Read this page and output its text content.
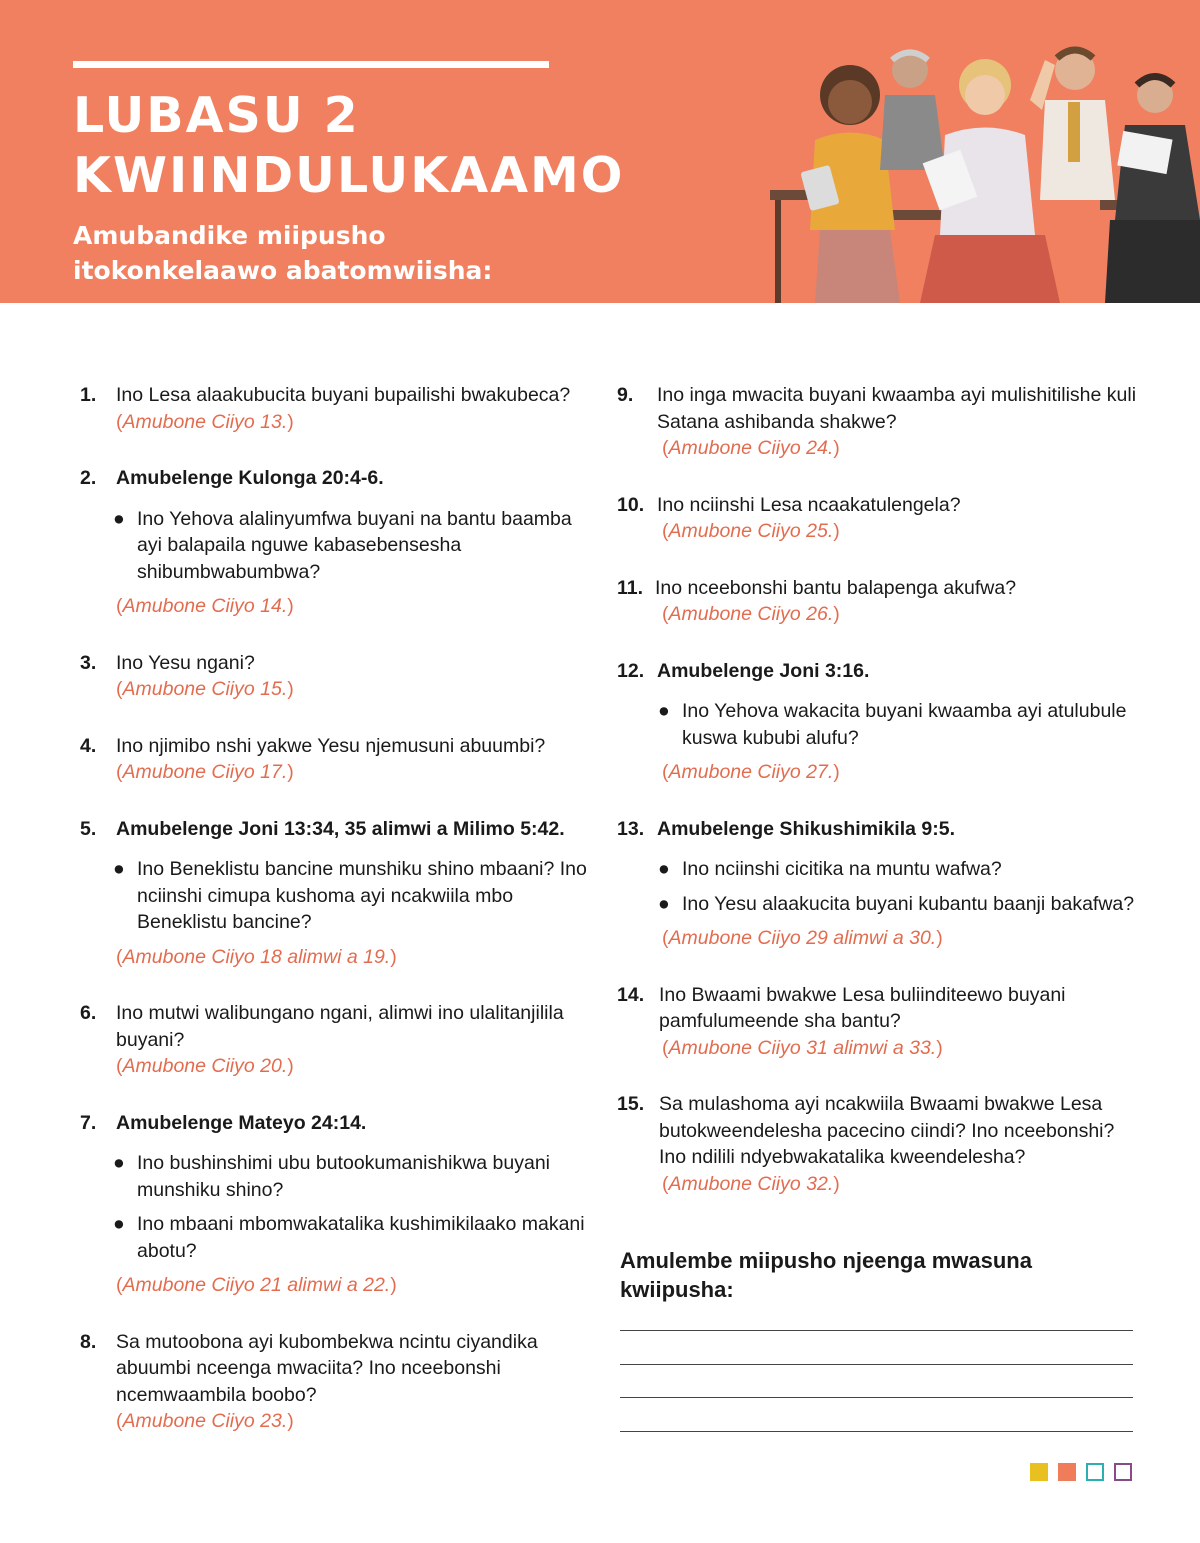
LUBASU 2
KWIINDULUKAAMO

Amubandike miipusho itokonkelaawo abatomwiisha:

1. Ino Lesa alaakubucita buyani bupailishi bwakubeca?
(Amubone Ciiyo 13.)
2. Amubelenge Kulonga 20:4-6.
● Ino Yehova alalinyumfwa buyani na bantu baamba ayi balapaila nguwe kabasebensesha shibumbwabumbwa?
(Amubone Ciiyo 14.)
3. Ino Yesu ngani?
(Amubone Ciiyo 15.)
4. Ino njimibo nshi yakwe Yesu njemusuni abuumbi?
(Amubone Ciiyo 17.)
5. Amubelenge Joni 13:34, 35 alimwi a Milimo 5:42.
● Ino Beneklistu bancine munshiku shino mbaani? Ino nciinshi cimupa kushoma ayi ncakwiila mbo Beneklistu bancine?
(Amubone Ciiyo 18 alimwi a 19.)
6. Ino mutwi walibungano ngani, alimwi ino ulalitanjilila buyani?
(Amubone Ciiyo 20.)
7. Amubelenge Mateyo 24:14.
● Ino bushinshimi ubu butookumanishikwa buyani munshiku shino?
● Ino mbaani mbomwakatalika kushimikilaako makani abotu?
(Amubone Ciiyo 21 alimwi a 22.)
8. Sa mutoobona ayi kubombekwa ncintu ciyandika abuumbi nceenga mwaciita? Ino nceebonshi ncemwaambila boobo?
(Amubone Ciiyo 23.)
9. Ino inga mwacita buyani kwaamba ayi mulishitilishe kuli Satana ashibanda shakwe?
(Amubone Ciiyo 24.)
10. Ino nciinshi Lesa ncaakatulengela?
(Amubone Ciiyo 25.)
11. Ino nceebonshi bantu balapenga akufwa?
(Amubone Ciiyo 26.)
12. Amubelenge Joni 3:16.
● Ino Yehova wakacita buyani kwaamba ayi atulubule kuswa kububi alufu?
(Amubone Ciiyo 27.)
13. Amubelenge Shikushimikila 9:5.
● Ino nciinshi cicitika na muntu wafwa?
● Ino Yesu alaakucita buyani kubantu baanji bakafwa?
(Amubone Ciiyo 29 alimwi a 30.)
14. Ino Bwaami bwakwe Lesa buliinditeewo buyani pamfulumeende sha bantu?
(Amubone Ciiyo 31 alimwi a 33.)
15. Sa mulashoma ayi ncakwiila Bwaami bwakwe Lesa butokweendelesha pacecino ciindi? Ino nceebonshi? Ino ndilili ndyebwakatalika kweendelesha?
(Amubone Ciiyo 32.)

Amulembe miipusho njeenga mwasuna kwiipusha:
